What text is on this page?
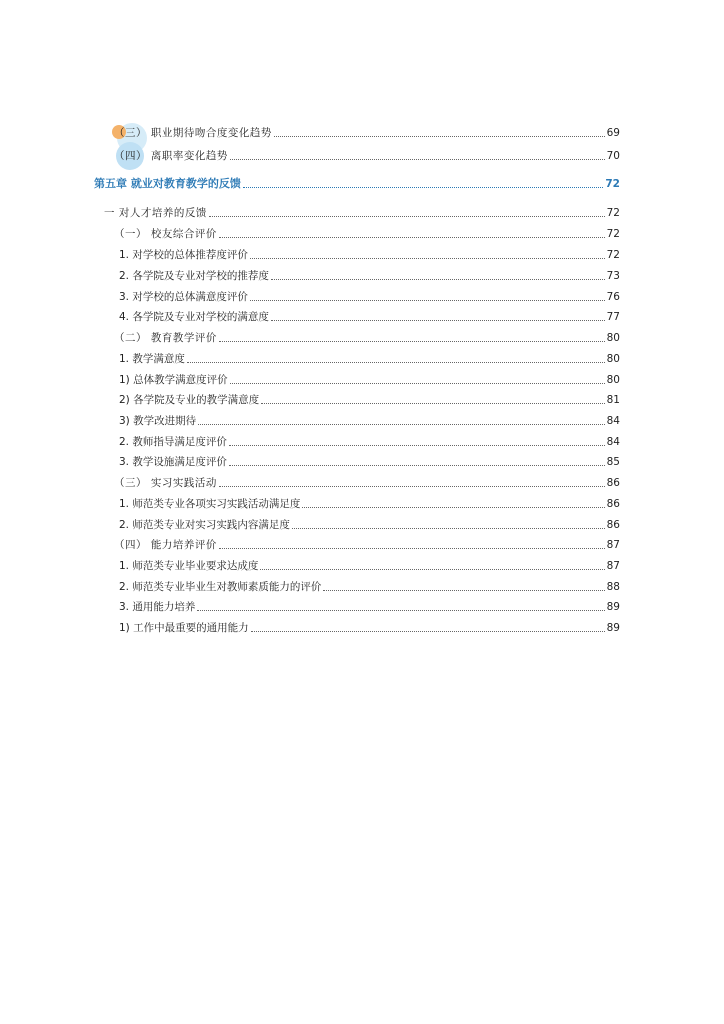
（三） 职业期待吻合度变化趋势	69
（四） 离职率变化趋势	70
第五章 就业对教育教学的反馈	72
一 对人才培养的反馈	72
（一） 校友综合评价	72
1. 对学校的总体推荐度评价	72
2. 各学院及专业对学校的推荐度	73
3. 对学校的总体满意度评价	76
4. 各学院及专业对学校的满意度	77
（二） 教育教学评价	80
1. 教学满意度	80
1) 总体教学满意度评价	80
2) 各学院及专业的教学满意度	81
3) 教学改进期待	84
2. 教师指导满足度评价	84
3. 教学设施满足度评价	85
（三） 实习实践活动	86
1. 师范类专业各项实习实践活动满足度	86
2. 师范类专业对实习实践内容满足度	86
（四） 能力培养评价	87
1. 师范类专业毕业要求达成度	87
2. 师范类专业毕业生对教师素质能力的评价	88
3. 通用能力培养	89
1) 工作中最重要的通用能力	89
